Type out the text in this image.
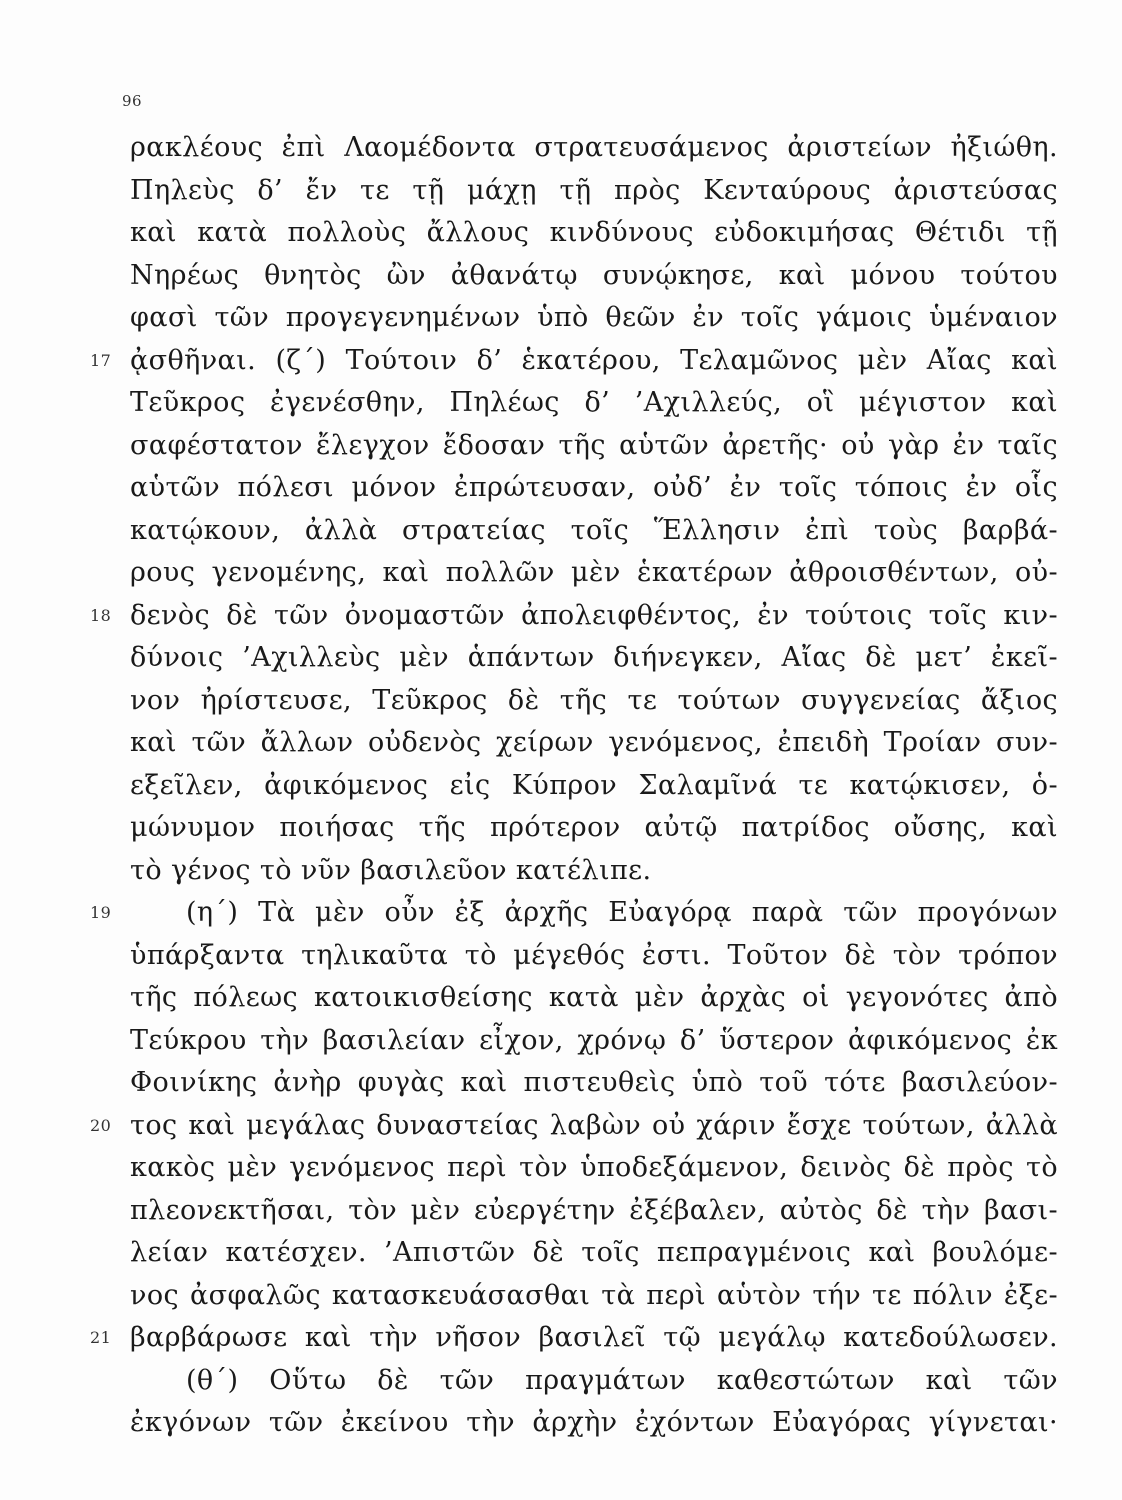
96
ρακλέους ἐπὶ Λαομέδοντα στρατευσάμενος ἀριστείων ἠξιώθη.
Πηλεὺς δ’ ἔν τε τῇ μάχῃ τῇ πρὸς Κενταύρους ἀριστεύσας
καὶ κατὰ πολλοὺς ἄλλους κινδύνους εὐδοκιμήσας Θέτιδι τῇ
Νηρέως θνητὸς ὢν ἀθανάτῳ συνῴκησε, καὶ μόνου τούτου
φασὶ τῶν προγεγενημένων ὑπὸ θεῶν ἐν τοῖς γάμοις ὑμέναιον
17 ᾀσθῆναι. (ζ΄) Τούτοιν δ’ ἑκατέρου, Τελαμῶνος μὲν Αἴας καὶ
Τεῦκρος ἐγενέσθην, Πηλέως δ’ ’Αχιλλεύς, οἳ μέγιστον καὶ
σαφέστατον ἔλεγχον ἔδοσαν τῆς αὑτῶν ἀρετῆς· οὐ γὰρ ἐν ταῖς
αὑτῶν πόλεσι μόνον ἐπρώτευσαν, οὐδ’ ἐν τοῖς τόποις ἐν οἷς
κατῴκουν, ἀλλὰ στρατείας τοῖς Ἕλλησιν ἐπὶ τοὺς βαρβά-
ρους γενομένης, καὶ πολλῶν μὲν ἑκατέρων ἀθροισθέντων, οὐ-
18 δενὸς δὲ τῶν ὀνομαστῶν ἀπολειφθέντος, ἐν τούτοις τοῖς κιν-
δύνοις ’Αχιλλεὺς μὲν ἁπάντων διήνεγκεν, Αἴας δὲ μετ’ ἐκεῖ-
νον ἠρίστευσε, Τεῦκρος δὲ τῆς τε τούτων συγγενείας ἄξιος
καὶ τῶν ἄλλων οὐδενὸς χείρων γενόμενος, ἐπειδὴ Τροίαν συν-
εξεῖλεν, ἀφικόμενος εἰς Κύπρον Σαλαμῖνά τε κατῴκισεν, ὁ-
μώνυμον ποιήσας τῆς πρότερον αὐτῷ πατρίδος οὔσης, καὶ
τὸ γένος τὸ νῦν βασιλεῦον κατέλιπε.
19	(η΄) Τὰ μὲν οὖν ἐξ ἀρχῆς Εὐαγόρᾳ παρὰ τῶν προγόνων
ὑπάρξαντα τηλικαῦτα τὸ μέγεθός ἐστι. Τοῦτον δὲ τὸν τρόπον
τῆς πόλεως κατοικισθείσης κατὰ μὲν ἀρχὰς οἱ γεγονότες ἀπὸ
Τεύκρου τὴν βασιλείαν εἶχον, χρόνῳ δ’ ὕστερον ἀφικόμενος ἐκ
Φοινίκης ἀνὴρ φυγὰς καὶ πιστευθεὶς ὑπὸ τοῦ τότε βασιλεύον-
20 τος καὶ μεγάλας δυναστείας λαβὼν οὐ χάριν ἔσχε τούτων, ἀλλὰ
κακὸς μὲν γενόμενος περὶ τὸν ὑποδεξάμενον, δεινὸς δὲ πρὸς τὸ
πλεονεκτῆσαι, τὸν μὲν εὐεργέτην ἐξέβαλεν, αὐτὸς δὲ τὴν βασι-
λείαν κατέσχεν. ’Απιστῶν δὲ τοῖς πεπραγμένοις καὶ βουλόμε-
νος ἀσφαλῶς κατασκευάσασθαι τὰ περὶ αὑτὸν τήν τε πόλιν ἐξε-
21 βαρβάρωσε καὶ τὴν νῆσον βασιλεῖ τῷ μεγάλῳ κατεδούλωσεν.
(θ΄) Οὕτω δὲ τῶν πραγμάτων καθεστώτων καὶ τῶν
ἐκγόνων τῶν ἐκείνου τὴν ἀρχὴν ἐχόντων Εὐαγόρας γίγνεται·
